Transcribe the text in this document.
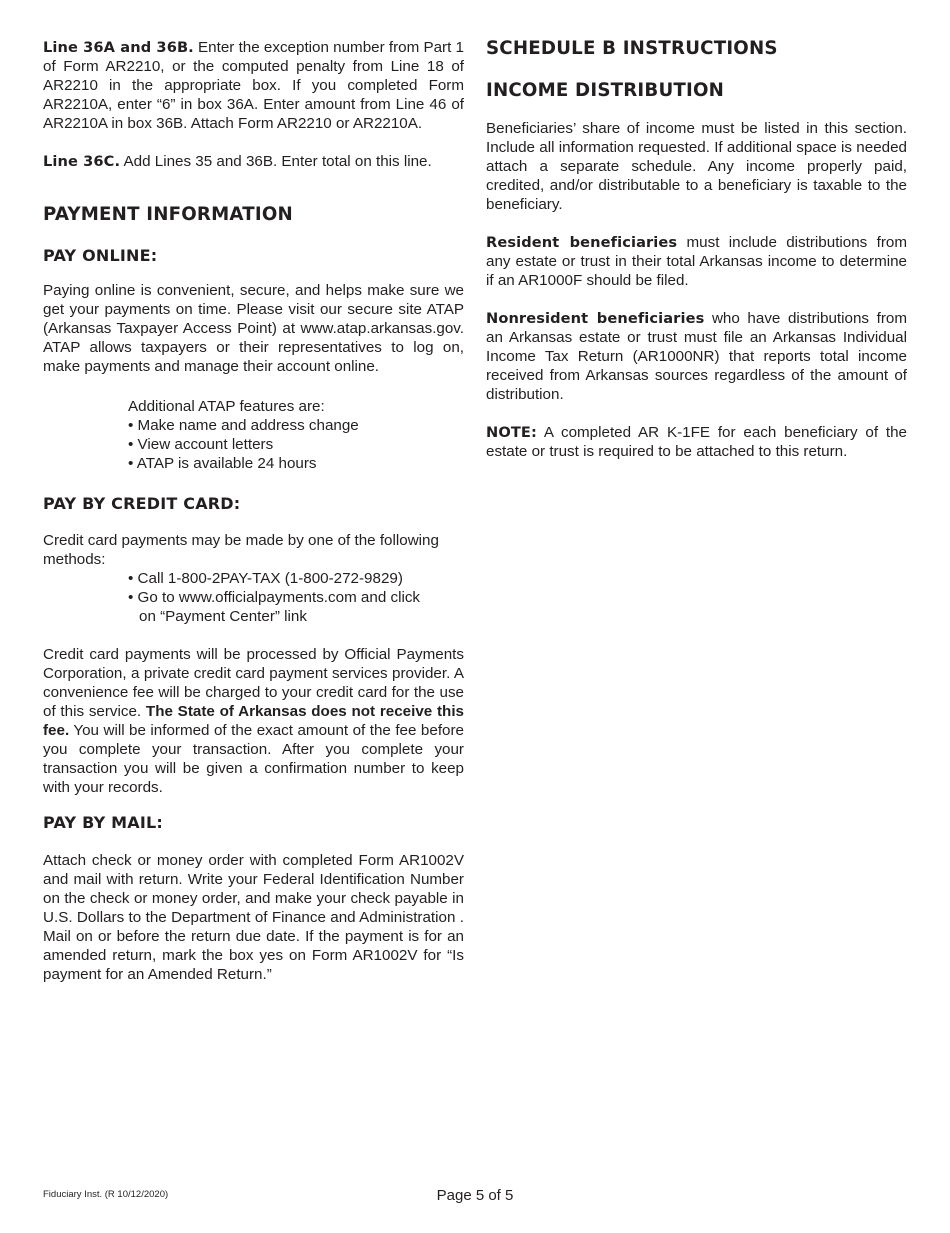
Line 36A and 36B. Enter the exception number from Part 1 of Form AR2210, or the computed penalty from Line 18 of AR2210 in the appropriate box. If you completed Form AR2210A, enter “6” in box 36A. Enter amount from Line 46 of AR2210A in box 36B. Attach Form AR2210 or AR2210A.

Line 36C. Add Lines 35 and 36B. Enter total on this line.

PAYMENT INFORMATION
PAY ONLINE:

Paying online is convenient, secure, and helps make sure we get your payments on time. Please visit our secure site ATAP (Arkansas Taxpayer Access Point) at www.atap.arkansas.gov. ATAP allows taxpayers or their representatives to log on, make payments and manage their account online.

Additional ATAP features are:
• Make name and address change
• View account letters
• ATAP is available 24 hours
PAY BY CREDIT CARD:

Credit card payments may be made by one of the following methods:

• Call 1-800-2PAY-TAX (1-800-272-9829)
• Go to www.officialpayments.com and click
on “Payment Center” link

Credit card payments will be processed by Official Payments Corporation, a private credit card payment services provider. A convenience fee will be charged to your credit card for the use of this service. The State of Arkansas does not receive this fee. You will be informed of the exact amount of the fee before you complete your transaction. After you complete your transaction you will be given a confirmation number to keep with your records.

PAY BY MAIL:

Attach check or money order with completed Form AR1002V and mail with return. Write your Federal Identification Number on the check or money order, and make your check payable in U.S. Dollars to the Department of Finance and Administration . Mail on or before the return due date. If the payment is for an amended return, mark the box yes on Form AR1002V for “Is payment for an Amended Return.”

SCHEDULE B INSTRUCTIONS
INCOME DISTRIBUTION

Beneficiaries’ share of income must be listed in this section. Include all information requested. If additional space is needed attach a separate schedule. Any income properly paid, credited, and/or distributable to a beneficiary is taxable to the beneficiary.

Resident beneficiaries must include distributions from any estate or trust in their total Arkansas income to determine if an AR1000F should be filed.

Nonresident beneficiaries who have distributions from an Arkansas estate or trust must file an Arkansas Individual Income Tax Return (AR1000NR) that reports total income received from Arkansas sources regardless of the amount of distribution.

NOTE: A completed AR K-1FE for each beneficiary of the estate or trust is required to be attached to this return.

Fiduciary Inst. (R 10/12/2020)	Page 5 of 5
